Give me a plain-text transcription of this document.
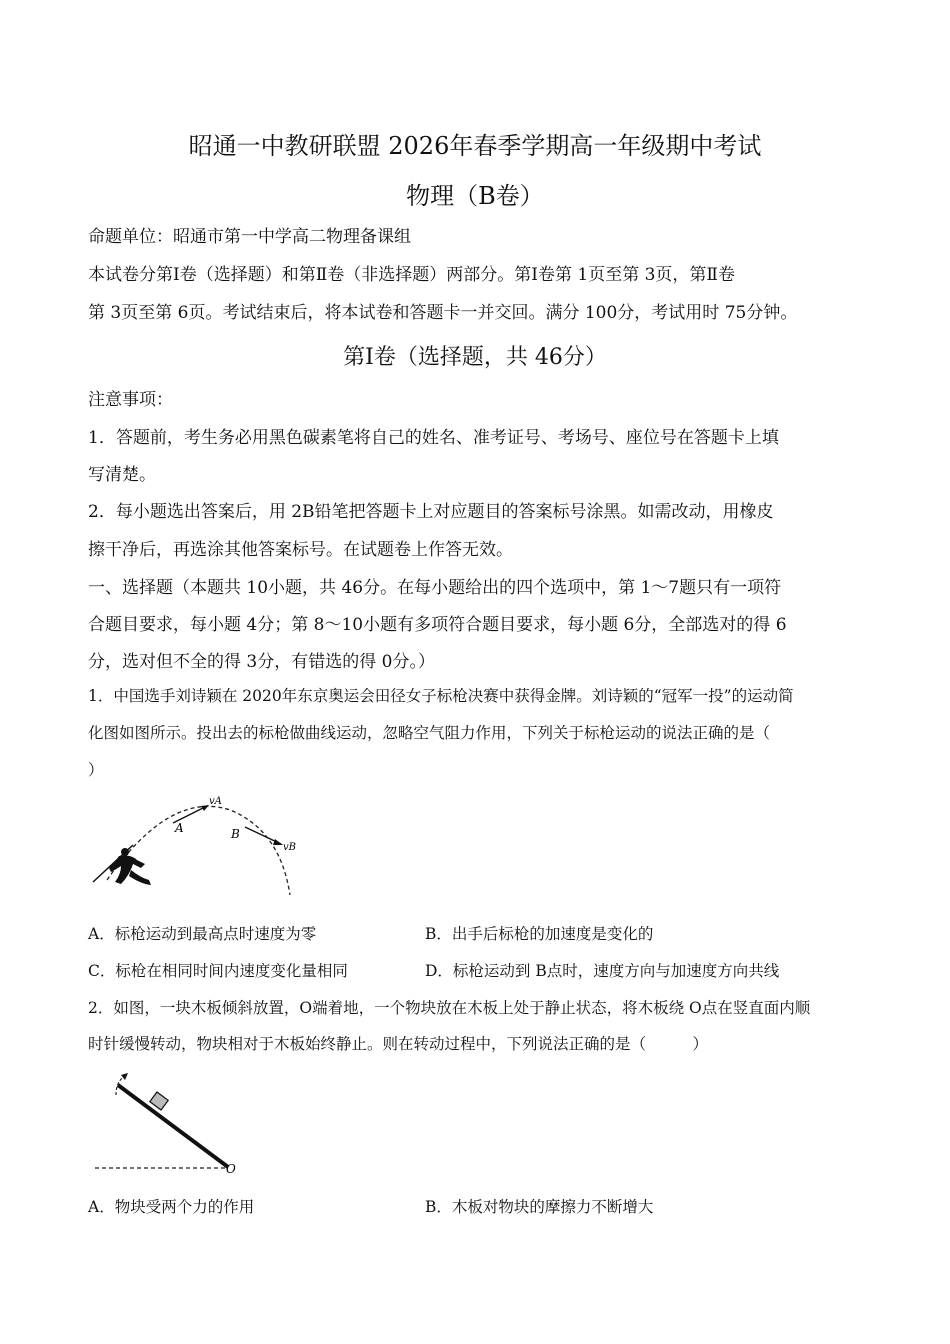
昭通一中教研联盟 2026年春季学期高一年级期中考试
物理（B卷）
命题单位：昭通市第一中学高二物理备课组
本试卷分第Ⅰ卷（选择题）和第Ⅱ卷（非选择题）两部分。第Ⅰ卷第 1页至第 3页，第Ⅱ卷
第 3页至第 6页。考试结束后，将本试卷和答题卡一并交回。满分 100分，考试用时 75分钟。
第Ⅰ卷（选择题，共 46分）
注意事项：
1．答题前，考生务必用黑色碳素笔将自己的姓名、准考证号、考场号、座位号在答题卡上填
写清楚。
2．每小题选出答案后，用 2B铅笔把答题卡上对应题目的答案标号涂黑。如需改动，用橡皮
擦干净后，再选涂其他答案标号。在试题卷上作答无效。
一、选择题（本题共 10小题，共 46分。在每小题给出的四个选项中，第 1～7题只有一项符
合题目要求，每小题 4分；第 8～10小题有多项符合题目要求，每小题 6分，全部选对的得 6
分，选对但不全的得 3分，有错选的得 0分。）
1．中国选手刘诗颖在 2020年东京奥运会田径女子标枪决赛中获得金牌。刘诗颖的“冠军一投”的运动简
化图如图所示。投出去的标枪做曲线运动，忽略空气阻力作用，下列关于标枪运动的说法正确的是（
）
vA
A	B
vB
A．标枪运动到最高点时速度为零	B．出手后标枪的加速度是变化的
C．标枪在相同时间内速度变化量相同	D．标枪运动到 B点时，速度方向与加速度方向共线
2．如图，一块木板倾斜放置，O端着地，一个物块放在木板上处于静止状态，将木板绕 O点在竖直面内顺
时针缓慢转动，物块相对于木板始终静止。则在转动过程中，下列说法正确的是（　　　）
O
A．物块受两个力的作用	B．木板对物块的摩擦力不断增大
